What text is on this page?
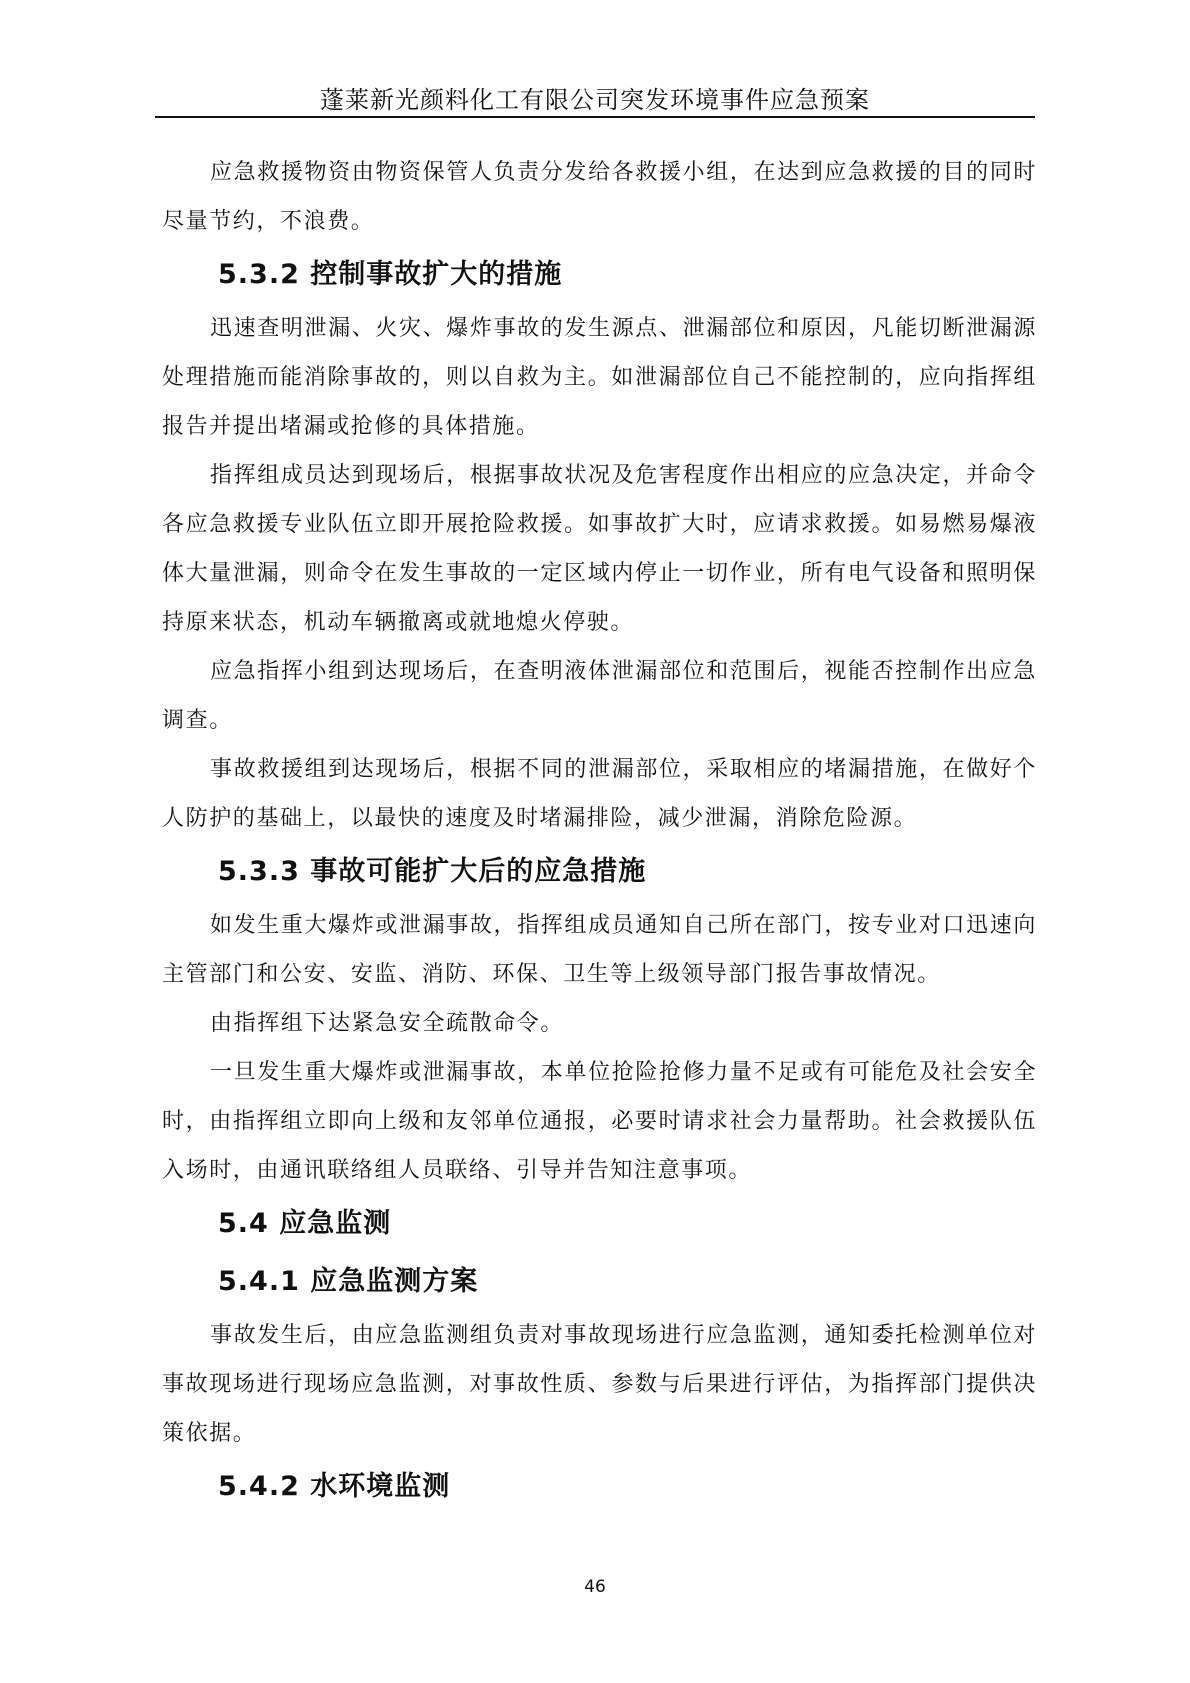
蓬莱新光颜料化工有限公司突发环境事件应急预案

应急救援物资由物资保管人负责分发给各救援小组，在达到应急救援的目的同时尽量节约，不浪费。

5.3.2 控制事故扩大的措施

迅速查明泄漏、火灾、爆炸事故的发生源点、泄漏部位和原因，凡能切断泄漏源处理措施而能消除事故的，则以自救为主。如泄漏部位自己不能控制的，应向指挥组报告并提出堵漏或抢修的具体措施。

指挥组成员达到现场后，根据事故状况及危害程度作出相应的应急决定，并命令各应急救援专业队伍立即开展抢险救援。如事故扩大时，应请求救援。如易燃易爆液体大量泄漏，则命令在发生事故的一定区域内停止一切作业，所有电气设备和照明保持原来状态，机动车辆撤离或就地熄火停驶。

应急指挥小组到达现场后，在查明液体泄漏部位和范围后，视能否控制作出应急调查。

事故救援组到达现场后，根据不同的泄漏部位，采取相应的堵漏措施，在做好个人防护的基础上，以最快的速度及时堵漏排险，减少泄漏，消除危险源。

5.3.3 事故可能扩大后的应急措施

如发生重大爆炸或泄漏事故，指挥组成员通知自己所在部门，按专业对口迅速向主管部门和公安、安监、消防、环保、卫生等上级领导部门报告事故情况。

由指挥组下达紧急安全疏散命令。

一旦发生重大爆炸或泄漏事故，本单位抢险抢修力量不足或有可能危及社会安全时，由指挥组立即向上级和友邻单位通报，必要时请求社会力量帮助。社会救援队伍入场时，由通讯联络组人员联络、引导并告知注意事项。

5.4 应急监测
5.4.1 应急监测方案

事故发生后，由应急监测组负责对事故现场进行应急监测，通知委托检测单位对事故现场进行现场应急监测，对事故性质、参数与后果进行评估，为指挥部门提供决策依据。

5.4.2 水环境监测
46
